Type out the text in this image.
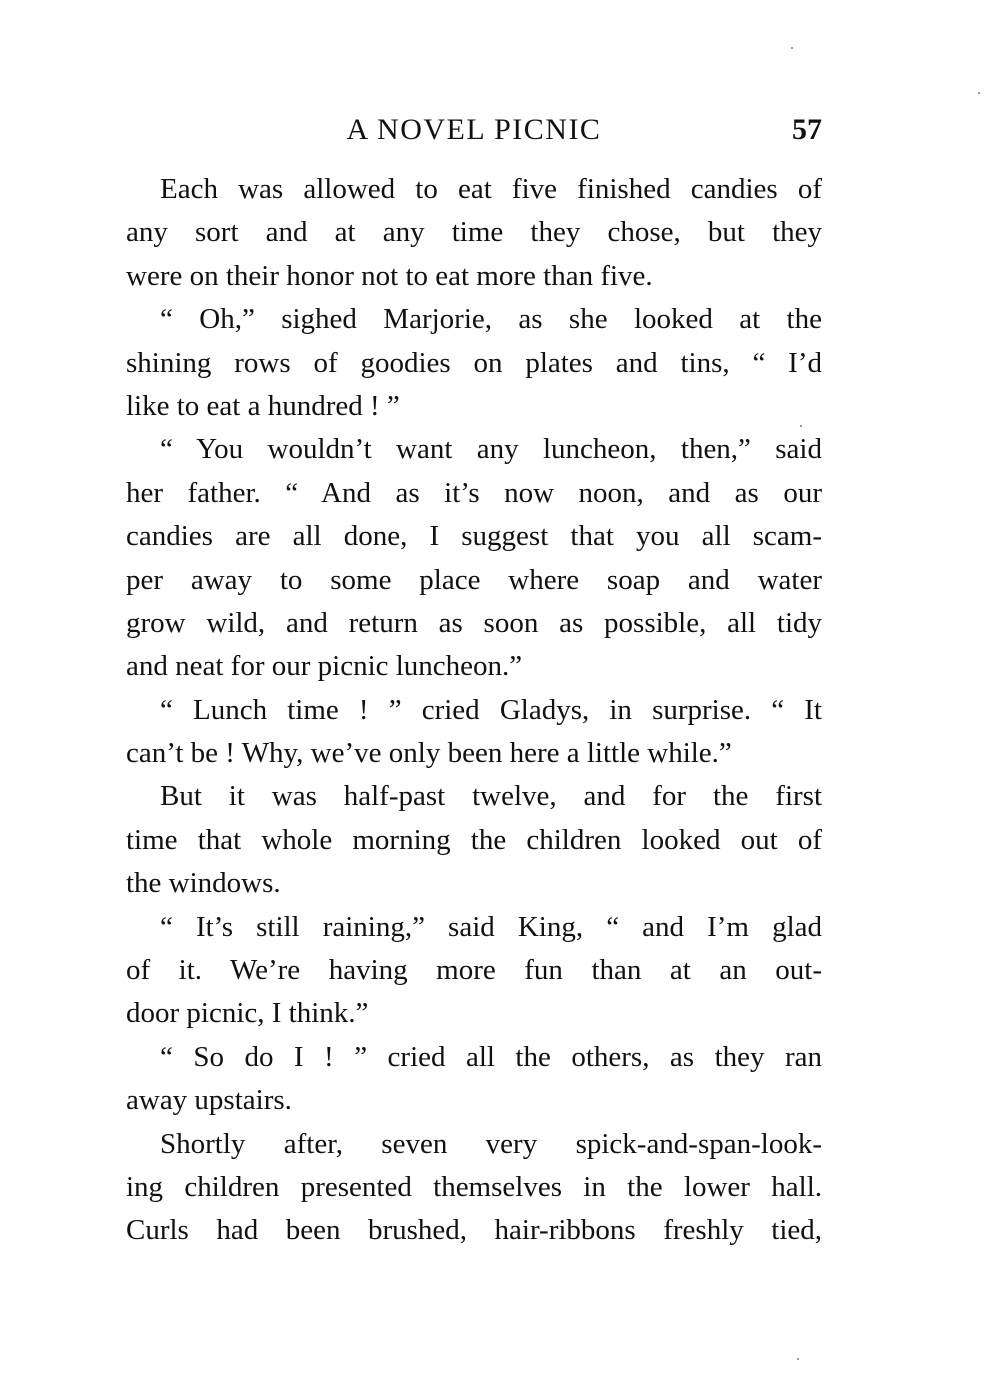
A NOVEL PICNIC	57
Each was allowed to eat five finished candies of
any sort and at any time they chose, but they
were on their honor not to eat more than five.
“ Oh,” sighed Marjorie, as she looked at the
shining rows of goodies on plates and tins, “ I’d
like to eat a hundred ! ”
“ You wouldn’t want any luncheon, then,” said
her father. “ And as it’s now noon, and as our
candies are all done, I suggest that you all scam-
per away to some place where soap and water
grow wild, and return as soon as possible, all tidy
and neat for our picnic luncheon.”
“ Lunch time ! ” cried Gladys, in surprise. “ It
can’t be ! Why, we’ve only been here a little while.”
But it was half-past twelve, and for the first
time that whole morning the children looked out of
the windows.
“ It’s still raining,” said King, “ and I’m glad
of it. We’re having more fun than at an out-
door picnic, I think.”
“ So do I ! ” cried all the others, as they ran
away upstairs.
Shortly after, seven very spick-and-span-look-
ing children presented themselves in the lower hall.
Curls had been brushed, hair-ribbons freshly tied,
